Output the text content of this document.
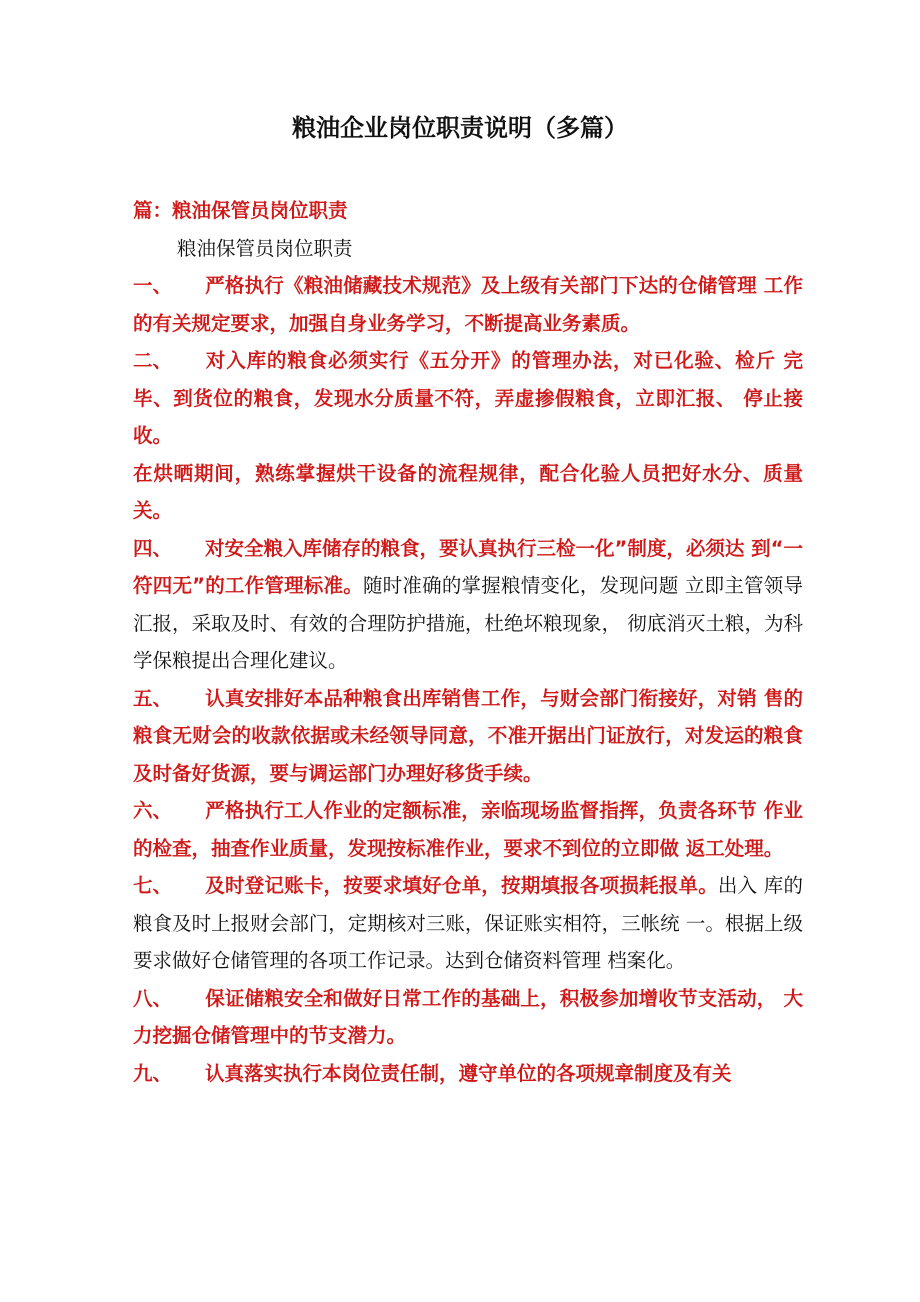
粮油企业岗位职责说明（多篇）

篇：粮油保管员岗位职责

粮油保管员岗位职责

一、 严格执行《粮油储藏技术规范》及上级有关部门下达的仓储管理 工作的有关规定要求，加强自身业务学习，不断提高业务素质。

二、 对入库的粮食必须实行《五分开》的管理办法，对已化验、检斤 完毕、到货位的粮食，发现水分质量不符，弄虚掺假粮食，立即汇报、 停止接收。

在烘晒期间，熟练掌握烘干设备的流程规律，配合化验人员把好水分、质量关。

四、 对安全粮入库储存的粮食，要认真执行三检一化”制度，必须达 到“一符四无”的工作管理标准。随时准确的掌握粮情变化，发现问题 立即主管领导汇报，采取及时、有效的合理防护措施，杜绝坏粮现象， 彻底消灭土粮，为科学保粮提出合理化建议。

五、 认真安排好本品种粮食出库销售工作，与财会部门衔接好，对销 售的粮食无财会的收款依据或未经领导同意，不准开据出门证放行，对发运的粮食及时备好货源，要与调运部门办理好移货手续。

六、 严格执行工人作业的定额标准，亲临现场监督指挥，负责各环节 作业的检查，抽查作业质量，发现按标准作业，要求不到位的立即做 返工处理。

七、 及时登记账卡，按要求填好仓单，按期填报各项损耗报单。出入 库的粮食及时上报财会部门，定期核对三账，保证账实相符，三帐统 一。根据上级要求做好仓储管理的各项工作记录。达到仓储资料管理 档案化。

八、 保证储粮安全和做好日常工作的基础上，积极参加增收节支活动， 大力挖掘仓储管理中的节支潜力。

九、 认真落实执行本岗位责任制，遵守单位的各项规章制度及有关
